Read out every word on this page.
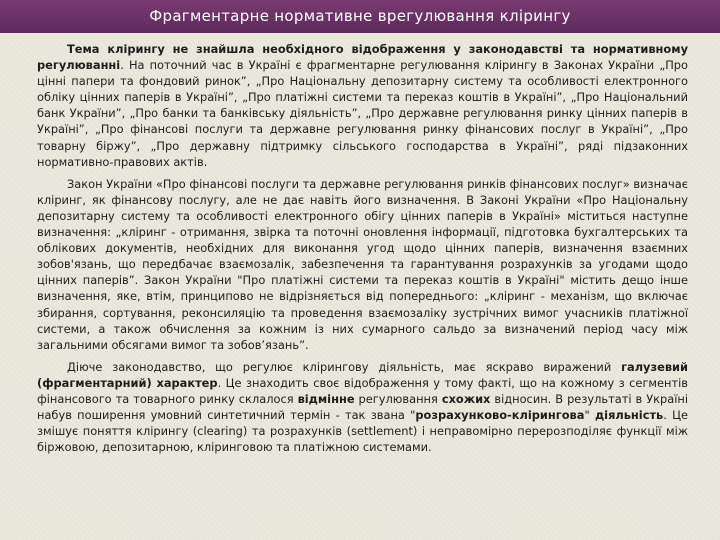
Фрагментарне нормативне врегулювання клірингу

Тема клірингу не знайшла необхідного відображення у законодавстві та нормативному регулюванні. На поточний час в Україні є фрагментарне регулювання клірингу в Законах України „Про цінні папери та фондовий ринок”, „Про Національну депозитарну систему та особливості електронного обліку цінних паперів в Україні”, „Про платіжні системи та переказ коштів в Україні”, „Про Національний банк України”, „Про банки та банківську діяльність”, „Про державне регулювання ринку цінних паперів в Україні”, „Про фінансові послуги та державне регулювання ринку фінансових послуг в Україні”, „Про товарну біржу”, „Про державну підтримку сільського господарства в Україні”, ряді підзаконних нормативно-правових актів.

Закон України «Про фінансові послуги та державне регулювання ринків фінансових послуг» визначає кліринг, як фінансову послугу, але не дає навіть його визначення. В Законі України «Про Національну депозитарну систему та особливості електронного обігу цінних паперів в Україні» міститься наступне визначення: „кліринг - отримання, звірка та поточні оновлення інформації, підготовка бухгалтерських та облікових документів, необхідних для виконання угод щодо цінних паперів, визначення взаємних зобов'язань, що передбачає взаємозалік, забезпечення та гарантування розрахунків за угодами щодо цінних паперів”. Закон України "Про платіжні системи та переказ коштів в Україні" містить дещо інше визначення, яке, втім, принципово не відрізняється від попереднього: „кліринг - механізм, що включає збирання, сортування, реконсиляцію та проведення взаємозаліку зустрічних вимог учасників платіжної системи, а також обчислення за кожним із них сумарного сальдо за визначений період часу між загальними обсягами вимог та зобов’язань”.

Діюче законодавство, що регулює клірингову діяльність, має яскраво виражений галузевий (фрагментарний) характер. Це знаходить своє відображення у тому факті, що на кожному з сегментів фінансового та товарного ринку склалося відмінне регулювання схожих відносин. В результаті в Україні набув поширення умовний синтетичний термін - так звана "розрахунково-клірингова" діяльність. Це змішує поняття клірингу (clearing) та розрахунків (settlement) і неправомірно перерозподіляє функції між біржовою, депозитарною, кліринговою та платіжною системами.
